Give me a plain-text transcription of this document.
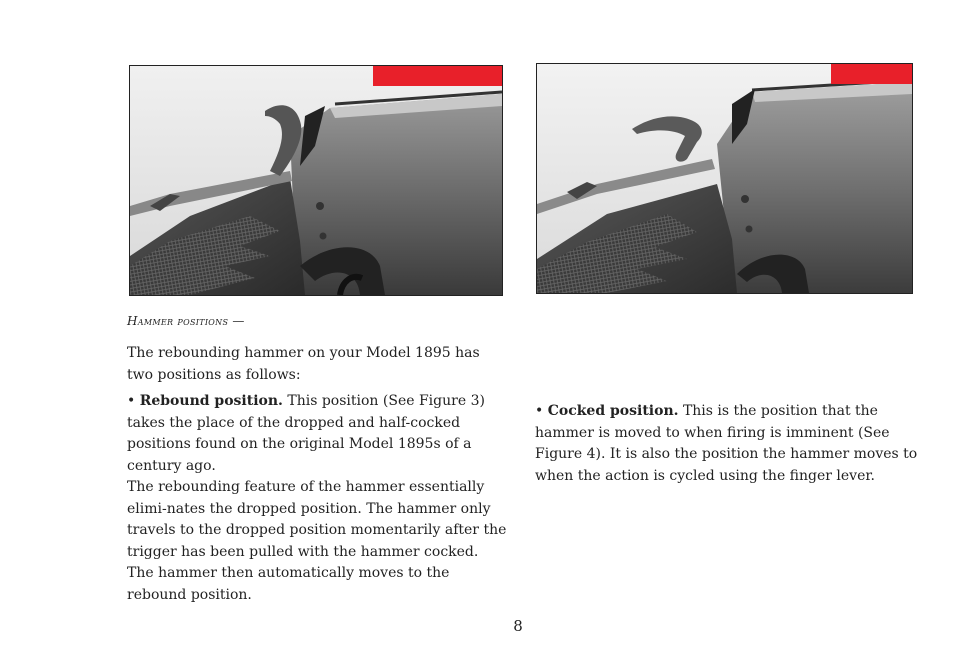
Hammer positions —
The rebounding hammer on your Model 1895 has two positions as follows:
• Rebound position. This position (See Figure 3) takes the place of the dropped and half-cocked positions found on the original Model 1895s of a century ago.
The rebounding feature of the hammer essentially elimi-nates the dropped position. The hammer only travels to the dropped position momentarily after the trigger has been pulled with the hammer cocked. The hammer then automatically moves to the rebound position.
• Cocked position. This is the position that the hammer is moved to when firing is imminent (See Figure 4). It is also the position the hammer moves to when the action is cycled using the finger lever.
8
